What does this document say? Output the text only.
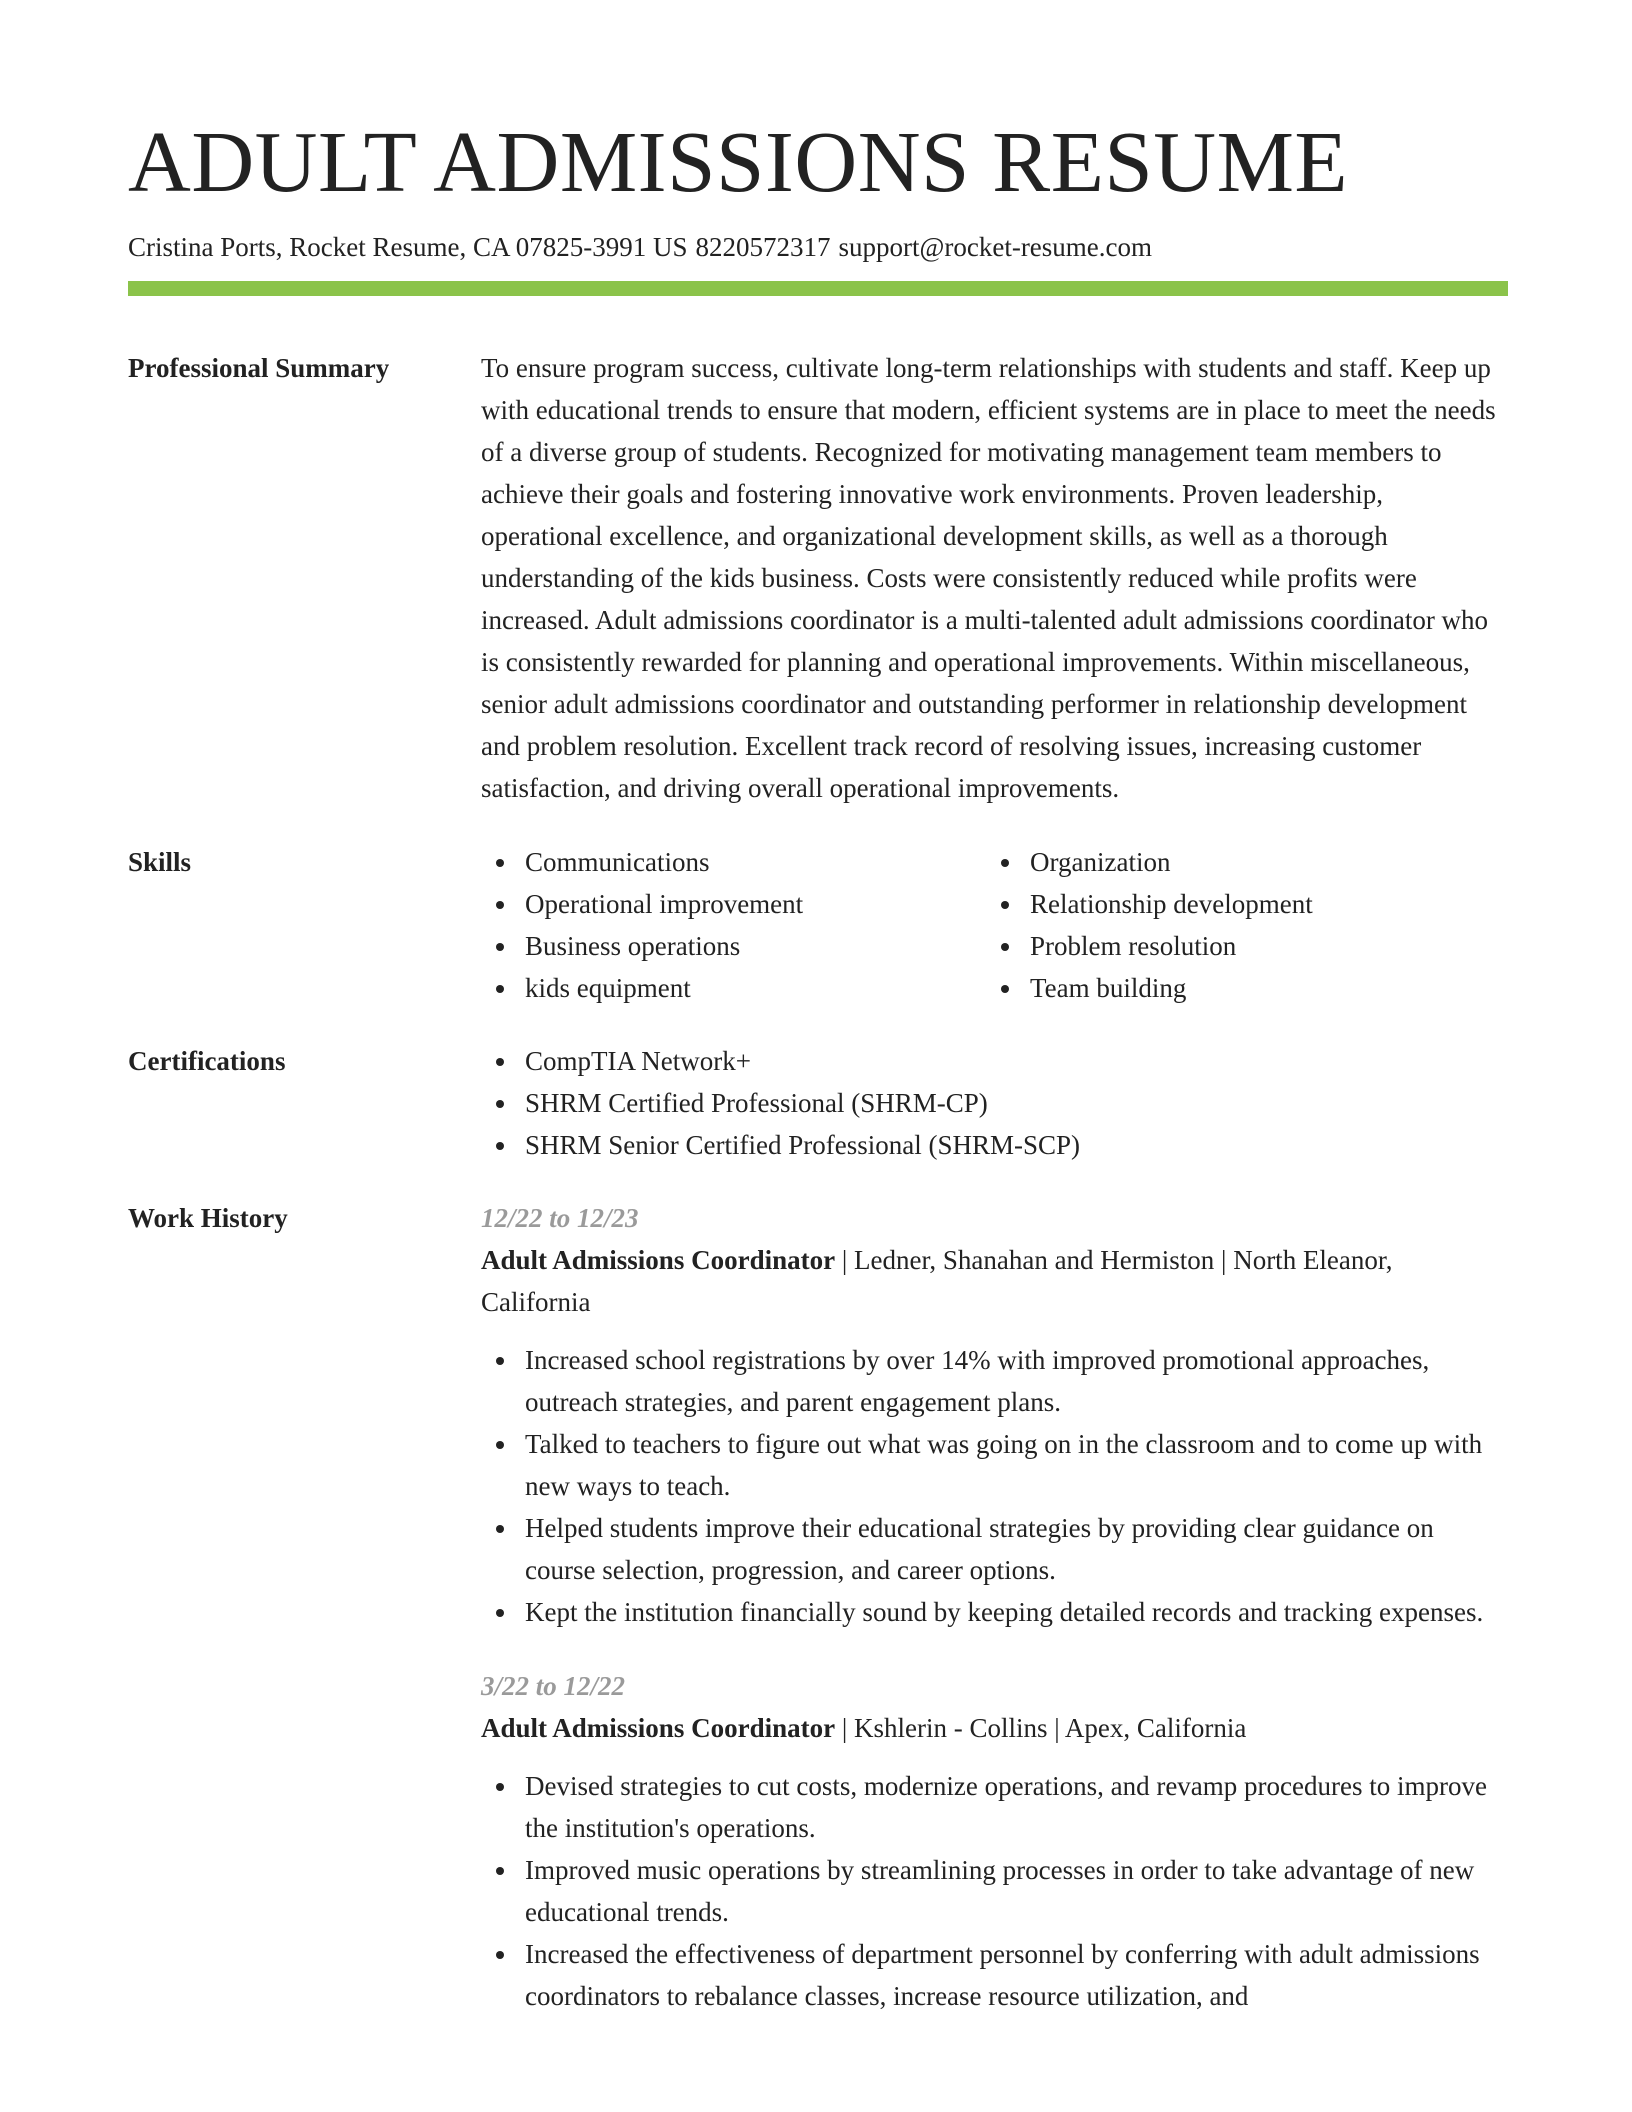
ADULT ADMISSIONS RESUME
Cristina Ports, Rocket Resume, CA 07825-3991 US 8220572317 support@rocket-resume.com
Professional Summary	To ensure program success, cultivate long-term relationships with students and staff. Keep up with educational trends to ensure that modern, efficient systems are in place to meet the needs of a diverse group of students. Recognized for motivating management team members to achieve their goals and fostering innovative work environments. Proven leadership, operational excellence, and organizational development skills, as well as a thorough understanding of the kids business. Costs were consistently reduced while profits were increased. Adult admissions coordinator is a multi-talented adult admissions coordinator who is consistently rewarded for planning and operational improvements. Within miscellaneous, senior adult admissions coordinator and outstanding performer in relationship development and problem resolution. Excellent track record of resolving issues, increasing customer satisfaction, and driving overall operational improvements.
Skills	Communications
Operational improvement
Business operations
kids equipment
Organization
Relationship development
Problem resolution
Team building
Certifications	CompTIA Network+
SHRM Certified Professional (SHRM-CP)
SHRM Senior Certified Professional (SHRM-SCP)
Work History	12/22 to 12/23
Adult Admissions Coordinator | Ledner, Shanahan and Hermiston | North Eleanor, California
Increased school registrations by over 14% with improved promotional approaches, outreach strategies, and parent engagement plans.
Talked to teachers to figure out what was going on in the classroom and to come up with new ways to teach.
Helped students improve their educational strategies by providing clear guidance on course selection, progression, and career options.
Kept the institution financially sound by keeping detailed records and tracking expenses.
3/22 to 12/22
Adult Admissions Coordinator | Kshlerin - Collins | Apex, California
Devised strategies to cut costs, modernize operations, and revamp procedures to improve the institution's operations.
Improved music operations by streamlining processes in order to take advantage of new educational trends.
Increased the effectiveness of department personnel by conferring with adult admissions coordinators to rebalance classes, increase resource utilization, and
